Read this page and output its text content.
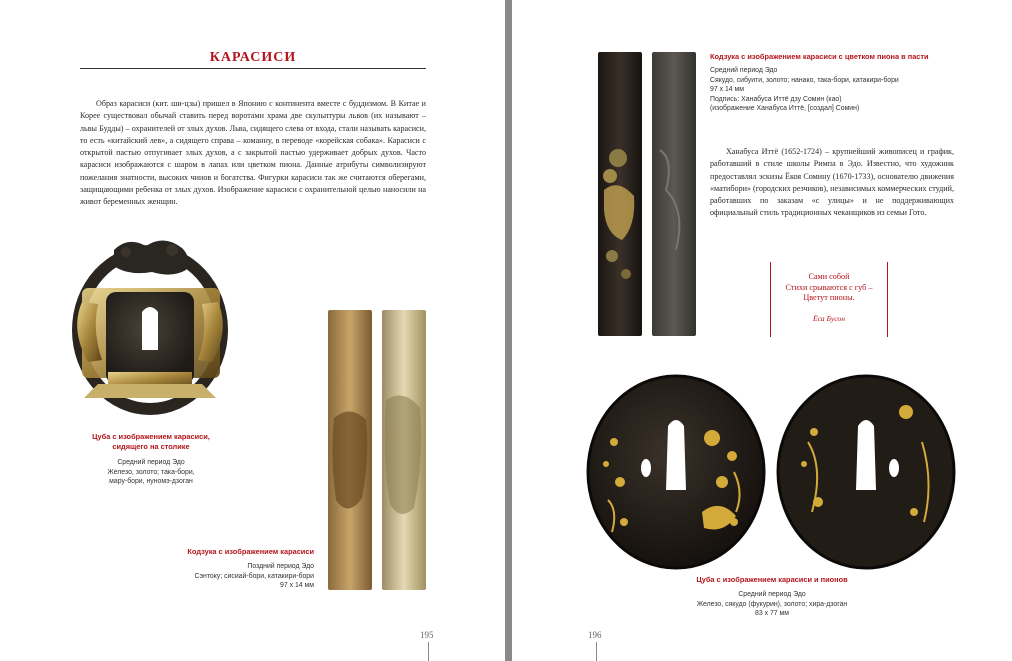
КАРАСИСИ

Образ карасиси (кит. ши-цзы) пришел в Японию с континента вместе с буддизмом. В Китае и Корее существовал обычай ставить перед воротами храма две скульптуры львов (их называют – львы Будды) – охранителей от злых духов. Льва, сидящего слева от входа, стали называть карасиси, то есть «китайский лев», а сидящего справа – команну, в переводе «корейская собака». Карасиси с открытой пастью отпугивает злых духов, а с закрытой пастью удерживает добрых духов. Часто карасиси изображаются с шаром в лапах или цветком пиона. Данные атрибуты символизируют пожелания знатности, высоких чинов и богатства. Фигурки карасиси так же считаются оберегами, защищающими ребенка от злых духов. Изображение карасиси с охранительной целью наносили на живот беременных женщин.

Цуба с изображением карасиси,
сидящего на столике
Средний период Эдо
Железо, золото; така-бори,
мару-бори, нуномэ-дзоган
Кодзука с изображением карасиси
Поздний период Эдо
Сэнтоку; сисиай-бори, катакири-бори
97 х 14 мм
195
Кодзука с изображением карасиси с цветком пиона в пасти
Средний период Эдо
Сякудо, сибуити, золото; нанако, така-бори, катакири-бори
97 х 14 мм
Подпись: Ханабуса Иттё дзу Сомин (као)
(изображение Ханабуса Иттё, [создал] Сомин)

Ханабуса Иттё (1652-1724) – крупнейший живописец и график, работавший в стиле школы Римпа в Эдо. Известно, что художник предоставлял эскизы Ёкоя Сомину (1670-1733), основателю движения «матибори» (городских резчиков), независимых коммерческих студий, работавших по заказам «с улицы» и не поддерживающих официальный стиль традиционных чеканщиков из семьи Гото.

Сами собой
Стихи срываются с губ –
Цветут пионы.
Ёса Бусон
Цуба с изображением карасиси и пионов
Средний период Эдо
Железо, сякудо (фукурин), золото; хира-дзоган
83 х 77 мм
196
